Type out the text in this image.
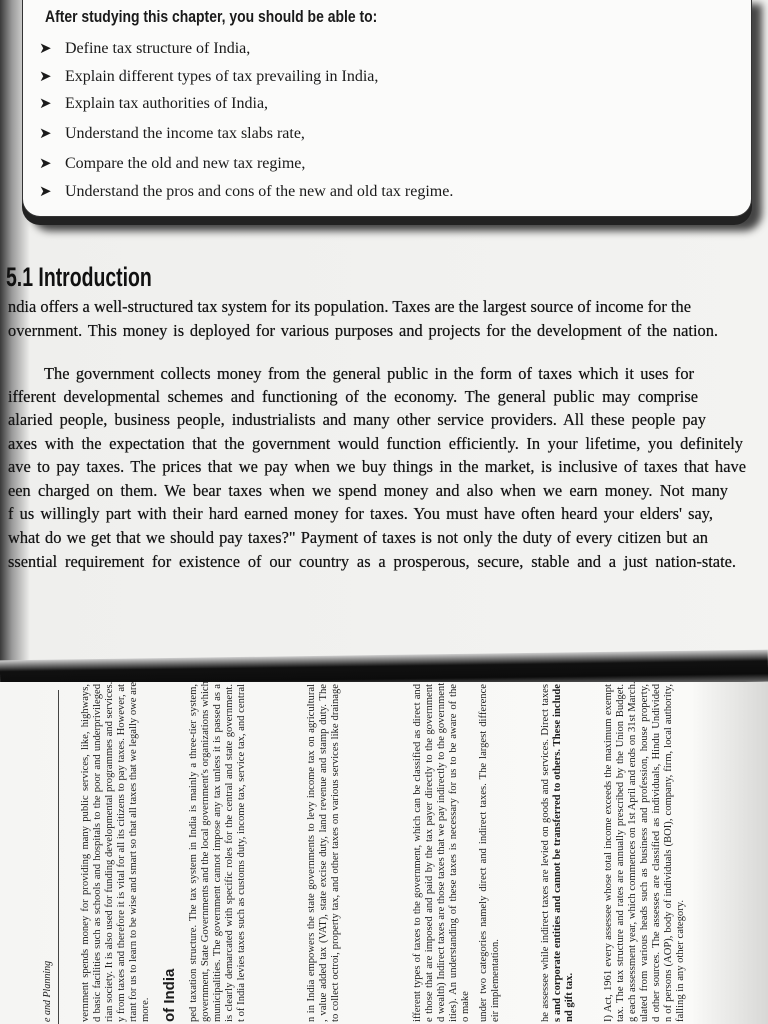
After studying this chapter, you should be able to:
➤ Define tax structure of India,
➤ Explain different types of tax prevailing in India,
➤ Explain tax authorities of India,
➤ Understand the income tax slabs rate,
➤ Compare the old and new tax regime,
➤ Understand the pros and cons of the new and old tax regime.
5.1 Introduction
ndia offers a well-structured tax system for its population. Taxes are the largest source of income for the
overnment. This money is deployed for various purposes and projects for the development of the nation.
The government collects money from the general public in the form of taxes which it uses for
ifferent developmental schemes and functioning of the economy. The general public may comprise
alaried people, business people, industrialists and many other service providers. All these people pay
axes with the expectation that the government would function efficiently. In your lifetime, you definitely
ave to pay taxes. The prices that we pay when we buy things in the market, is inclusive of taxes that have
een charged on them. We bear taxes when we spend money and also when we earn money. Not many
f us willingly part with their hard earned money for taxes. You must have often heard your elders' say,
what do we get that we should pay taxes?" Payment of taxes is not only the duty of every citizen but an
ssential requirement for existence of our country as a prosperous, secure, stable and a just nation-state.
e and Planning	of India
vernment spends money for providing many public services, like, highways, d basic facilities such as schools and hospitals to the poor and underprivileged rian society. It is also used for funding developmental programmes and services. y from taxes and therefore it is vital for all its citizens to pay taxes. However, at rtant for us to learn to be wise and smart so that all taxes that we legally owe are more.	ped taxation structure. The tax system in India is mainly a three-tier system, government, State Governments and the local government's organizations which municipalities. The government cannot impose any tax unless it is passed as a is clearly demarcated with specific roles for the central and state government. t of India levies taxes such as customs duty, income tax, service tax, and central	n in India empowers the state governments to levy income tax on agricultural , value added tax (VAT), state excise duty, land revenue and stamp duty. The to collect octroi, property tax, and other taxes on various services like drainage	ifferent types of taxes to the government, which can be classified as direct and e those that are imposed and paid by the tax payer directly to the government d wealth) Indirect taxes are those taxes that we pay indirectly to the government ities). An understanding of these taxes is necessary for us to be aware of the o make under two categories namely direct and indirect taxes. The largest difference eir implementation.	he assessee while indirect taxes are levied on goods and services. Direct taxes s and corporate entities and cannot be transferred to others. These include nd gift tax.	I) Act, 1961 every assessee whose total income exceeds the maximum exempt tax. The tax structure and rates are annually prescribed by the Union Budget. g each assessment year, which commences on 1st April and ends on 31st March. ulated from various heads such as business and profession, house property, d other sources. The assesses are classified as individuals, Hindu Undivided n of persons (AOP), body of individuals (BOI), company, firm, local authority, falling in any other category.
